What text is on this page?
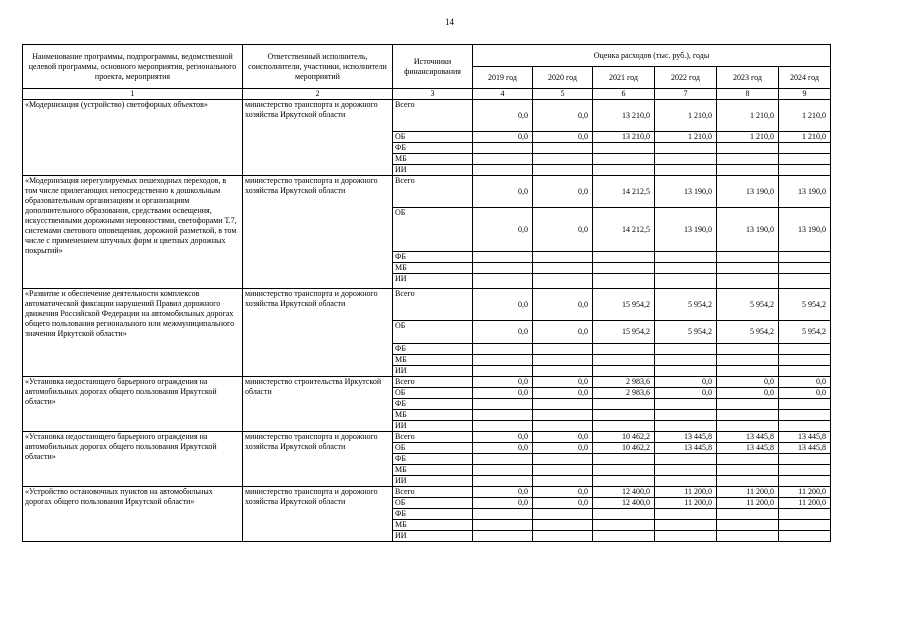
14
Наименование программы, подпрограммы, ведомственной целевой программы, основного мероприятия, регионального проекта, мероприятия	Ответственный исполнитель, соисполнители, участники, исполнители мероприятий	Источники финансирования	Оценка расходов (тыс. руб.), годы					
			2019 год	2020 год	2021 год	2022 год	2023 год	2024 год
1	2	3	4	5	6	7	8	9
«Модернизация (устройство) светофорных объектов»	министерство транспорта и дорожного хозяйства Иркутской области	Всего	0,0	0,0	13 210,0	1 210,0	1 210,0	1 210,0
		ОБ	0,0	0,0	13 210,0	1 210,0	1 210,0	1 210,0
		ФБ						
		МБ						
		ИИ						
«Модернизация нерегулируемых пешеходных переходов, в том числе прилегающих непосредственно к дошкольным образовательным организациям и организациям дополнительного образования, средствами освещения, искусственными дорожными неровностями, светофорами Т.7, системами светового оповещения, дорожной разметкой, в том числе с применением штучных форм и цветных дорожных покрытий»	министерство транспорта и дорожного хозяйства Иркутской области	Всего	0,0	0,0	14 212,5	13 190,0	13 190,0	13 190,0
		ОБ	0,0	0,0	14 212,5	13 190,0	13 190,0	13 190,0
		ФБ						
		МБ						
		ИИ						
«Развитие и обеспечение деятельности комплексов автоматической фиксации нарушений Правил дорожного движения Российской Федерации на автомобильных дорогах общего пользования регионального или межмуниципального значения Иркутской области»	министерство транспорта и дорожного хозяйства Иркутской области	Всего	0,0	0,0	15 954,2	5 954,2	5 954,2	5 954,2
		ОБ	0,0	0,0	15 954,2	5 954,2	5 954,2	5 954,2
		ФБ						
		МБ						
		ИИ						
«Установка недостающего барьерного ограждения на автомобильных дорогах общего пользования Иркутской области»	министерство строительства Иркутской области	Всего	0,0	0,0	2 983,6	0,0	0,0	0,0
		ОБ	0,0	0,0	2 983,6	0,0	0,0	0,0
		ФБ						
		МБ						
		ИИ						
«Установка недостающего барьерного ограждения на автомобильных дорогах общего пользования Иркутской области»	министерство транспорта и дорожного хозяйства Иркутской области	Всего	0,0	0,0	10 462,2	13 445,8	13 445,8	13 445,8
		ОБ	0,0	0,0	10 462,2	13 445,8	13 445,8	13 445,8
		ФБ						
		МБ						
		ИИ						
«Устройство остановочных пунктов на автомобильных дорогах общего пользования Иркутской области»	министерство транспорта и дорожного хозяйства Иркутской области	Всего	0,0	0,0	12 400,0	11 200,0	11 200,0	11 200,0
		ОБ	0,0	0,0	12 400,0	11 200,0	11 200,0	11 200,0
		ФБ						
		МБ						
		ИИ						
